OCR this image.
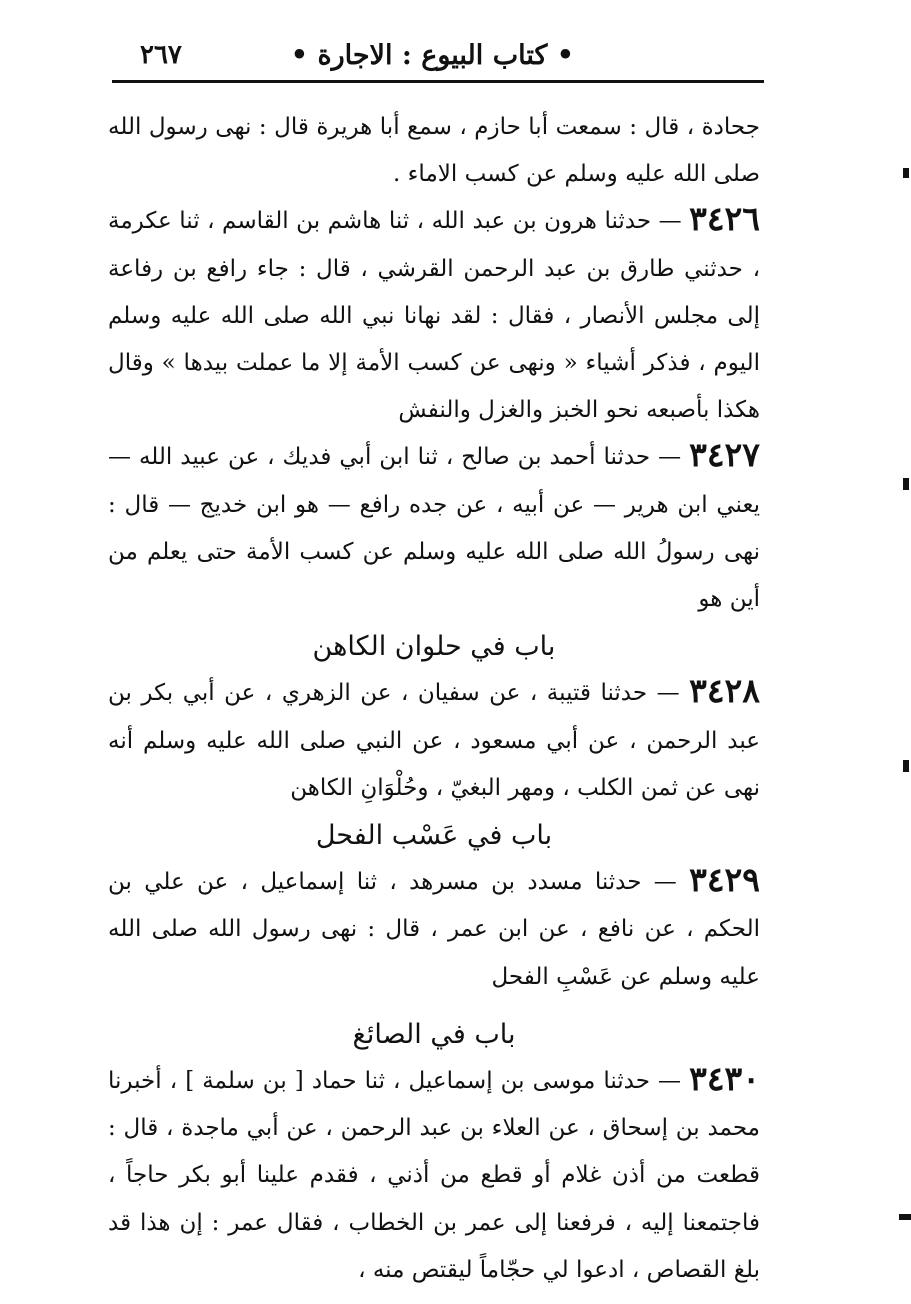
• كتاب البيوع : الاجارة •
٢٦٧

جحادة ، قال : سمعت أبا حازم ، سمع أبا هريرة قال : نهى رسول الله صلى الله عليه وسلم عن كسب الاماء .

٣٤٢٦ — حدثنا هرون بن عبد الله ، ثنا هاشم بن القاسم ، ثنا عكرمة ، حدثني طارق بن عبد الرحمن القرشي ، قال : جاء رافع بن رفاعة إلى مجلس الأنصار ، فقال : لقد نهانا نبي الله صلى الله عليه وسلم اليوم ، فذكر أشياء « ونهى عن كسب الأمة إلا ما عملت بيدها » وقال هكذا بأصبعه نحو الخبز والغزل والنفش

٣٤٢٧ — حدثنا أحمد بن صالح ، ثنا ابن أبي فديك ، عن عبيد الله — يعني ابن هرير — عن أبيه ، عن جده رافع — هو ابن خديج — قال : نهى رسولُ الله صلى الله عليه وسلم عن كسب الأمة حتى يعلم من أين هو

باب في حلوان الكاهن

٣٤٢٨ — حدثنا قتيبة ، عن سفيان ، عن الزهري ، عن أبي بكر بن عبد الرحمن ، عن أبي مسعود ، عن النبي صلى الله عليه وسلم أنه نهى عن ثمن الكلب ، ومهر البغيّ ، وحُلْوَانِ الكاهن

باب في عَسْب الفحل

٣٤٢٩ — حدثنا مسدد بن مسرهد ، ثنا إسماعيل ، عن علي بن الحكم ، عن نافع ، عن ابن عمر ، قال : نهى رسول الله صلى الله عليه وسلم عن عَسْبِ الفحل

باب في الصائغ

٣٤٣٠ — حدثنا موسى بن إسماعيل ، ثنا حماد [ بن سلمة ] ، أخبرنا محمد بن إسحاق ، عن العلاء بن عبد الرحمن ، عن أبي ماجدة ، قال : قطعت من أذن غلام أو قطع من أذني ، فقدم علينا أبو بكر حاجاً ، فاجتمعنا إليه ، فرفعنا إلى عمر بن الخطاب ، فقال عمر : إن هذا قد بلغ القصاص ، ادعوا لي حجّاماً ليقتص منه ،
